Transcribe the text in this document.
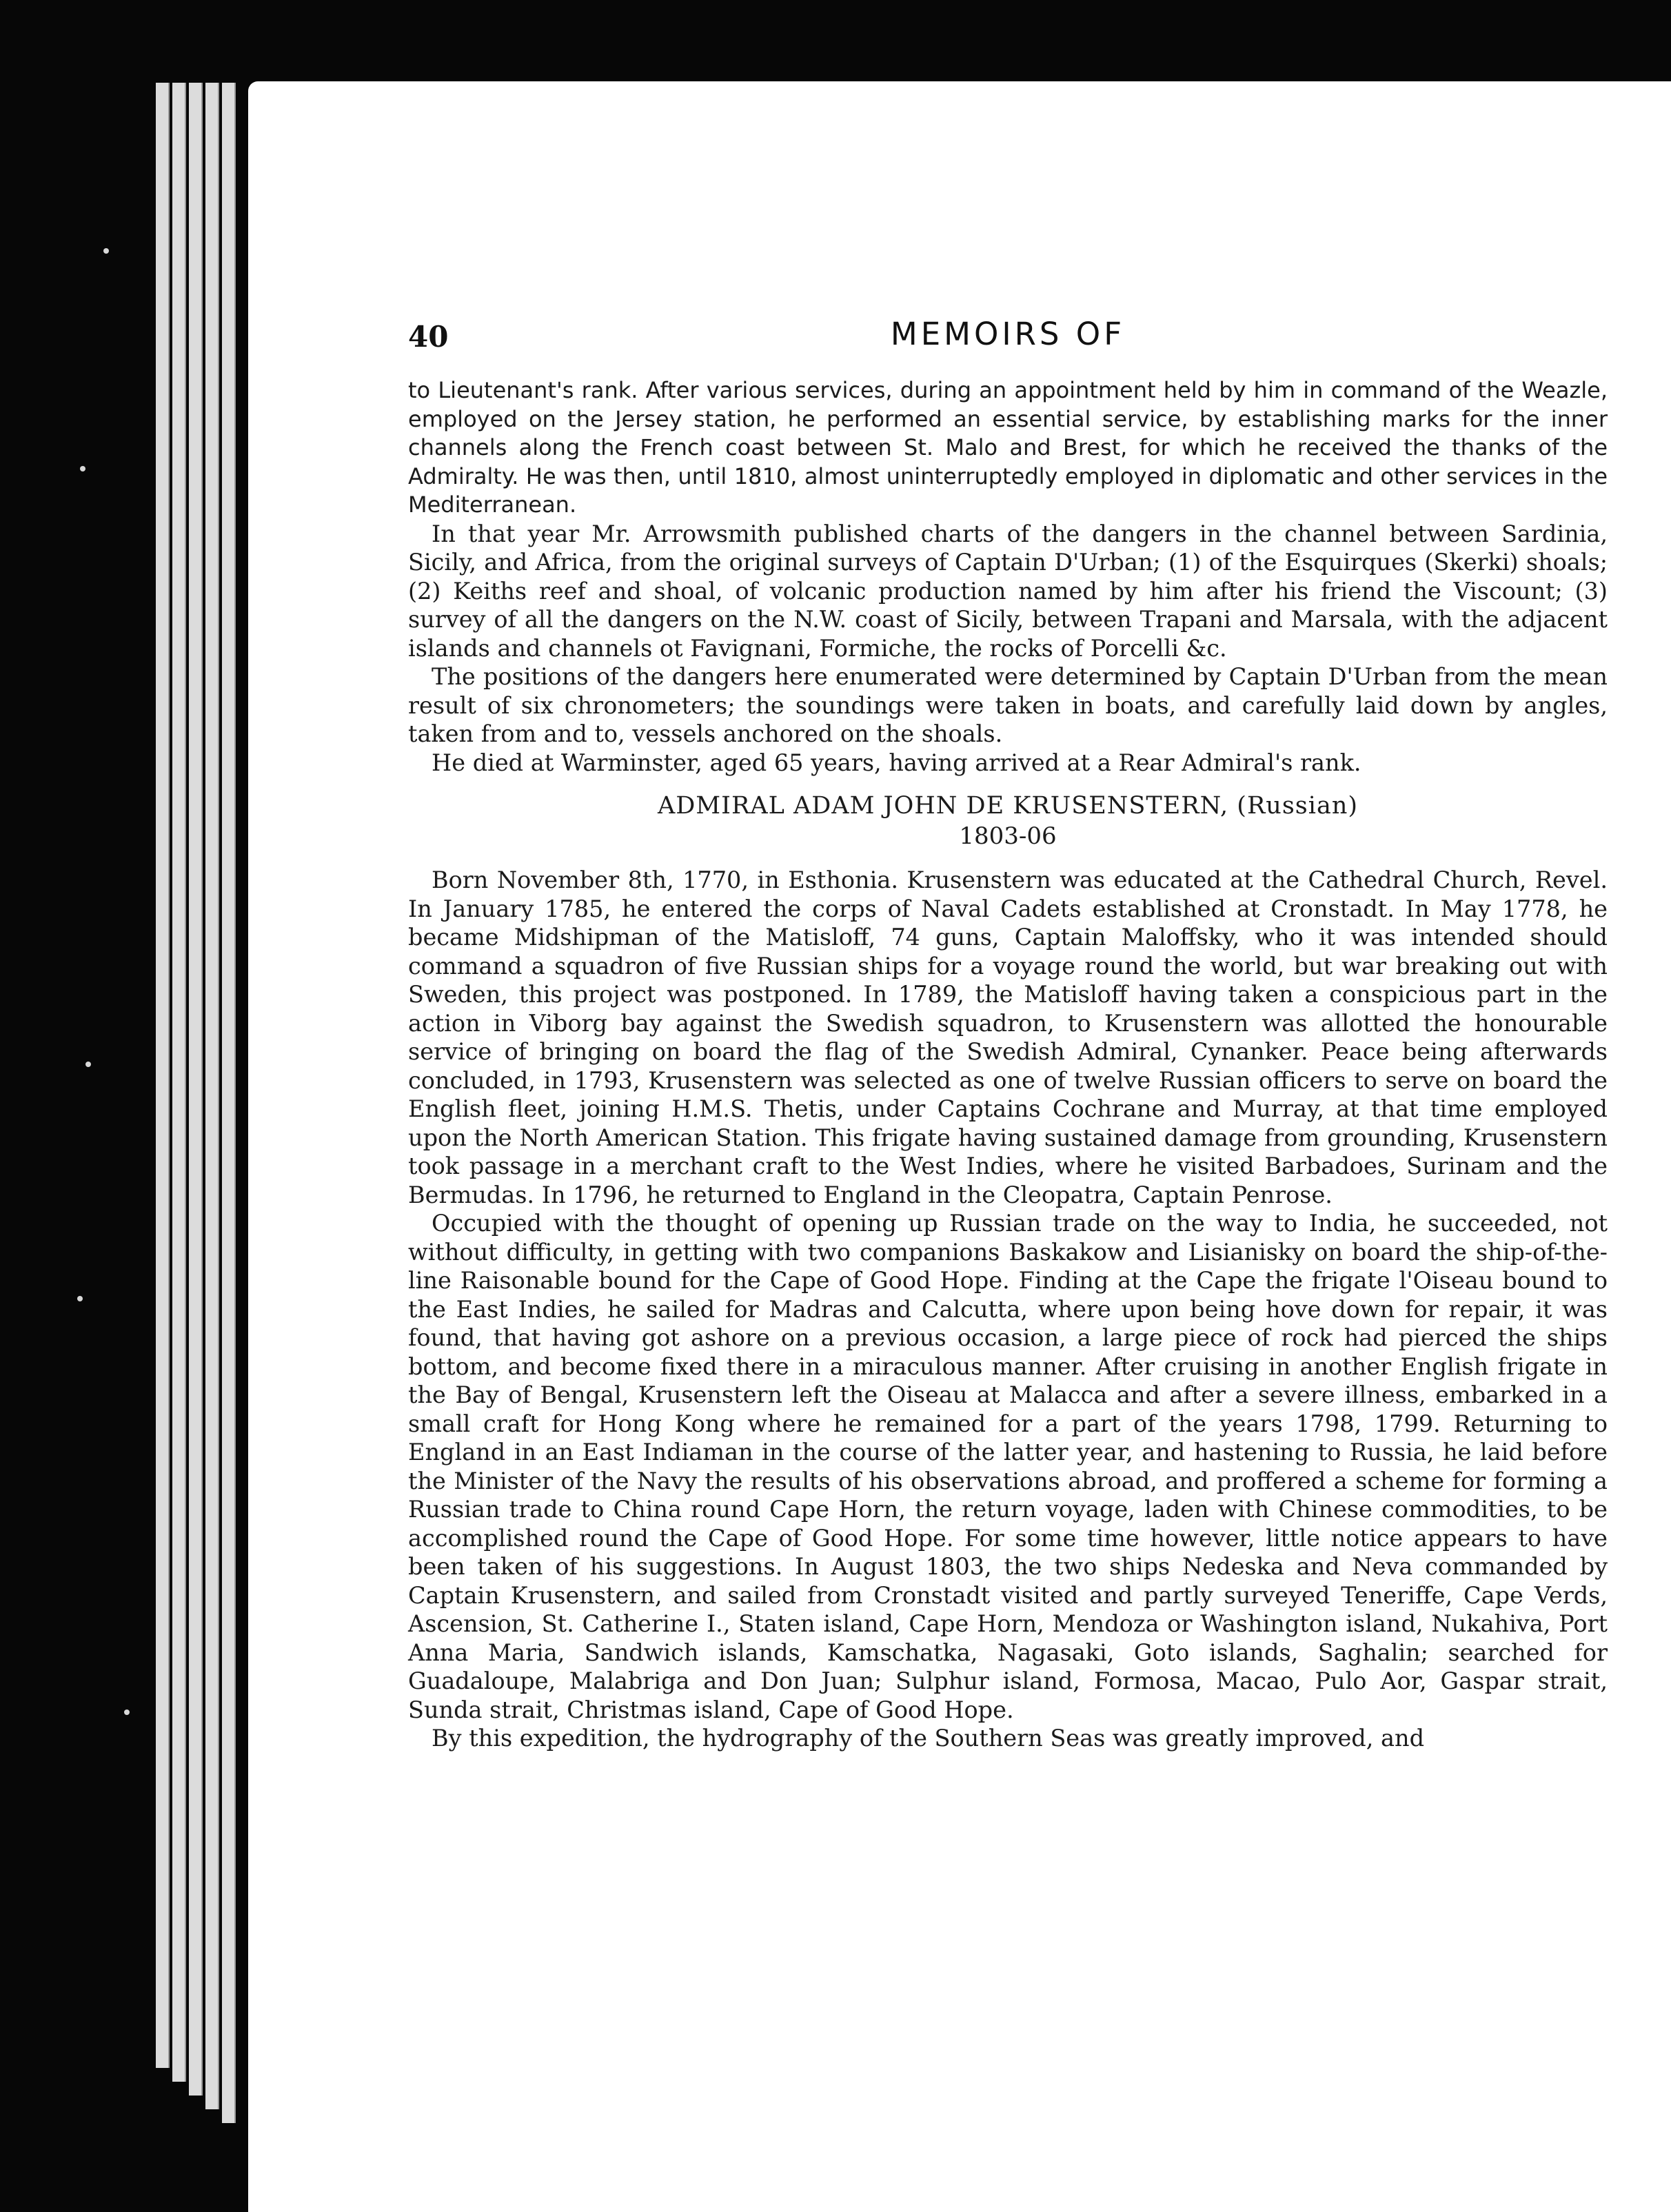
40	MEMOIRS OF

to Lieutenant's rank. After various services, during an appointment held by him in command of the Weazle, employed on the Jersey station, he performed an essential service, by establishing marks for the inner channels along the French coast between St. Malo and Brest, for which he received the thanks of the Admiralty. He was then, until 1810, almost uninterruptedly employed in diplomatic and other services in the Mediterranean.

In that year Mr. Arrowsmith published charts of the dangers in the channel between Sardinia, Sicily, and Africa, from the original surveys of Captain D'Urban; (1) of the Esquirques (Skerki) shoals; (2) Keiths reef and shoal, of volcanic production named by him after his friend the Viscount; (3) survey of all the dangers on the N.W. coast of Sicily, between Trapani and Marsala, with the adjacent islands and channels ot Favignani, Formiche, the rocks of Porcelli &c.

The positions of the dangers here enumerated were determined by Captain D'Urban from the mean result of six chronometers; the soundings were taken in boats, and carefully laid down by angles, taken from and to, vessels anchored on the shoals.

He died at Warminster, aged 65 years, having arrived at a Rear Admiral's rank.

ADMIRAL ADAM JOHN DE KRUSENSTERN, (Russian)
1803-06

Born November 8th, 1770, in Esthonia. Krusenstern was educated at the Cathedral Church, Revel. In January 1785, he entered the corps of Naval Cadets established at Cronstadt. In May 1778, he became Midshipman of the Matisloff, 74 guns, Captain Maloffsky, who it was intended should command a squadron of five Russian ships for a voyage round the world, but war breaking out with Sweden, this project was postponed. In 1789, the Matisloff having taken a conspicious part in the action in Viborg bay against the Swedish squadron, to Krusenstern was allotted the honourable service of bringing on board the flag of the Swedish Admiral, Cynanker. Peace being afterwards concluded, in 1793, Krusenstern was selected as one of twelve Russian officers to serve on board the English fleet, joining H.M.S. Thetis, under Captains Cochrane and Murray, at that time employed upon the North American Station. This frigate having sustained damage from grounding, Krusenstern took passage in a merchant craft to the West Indies, where he visited Barbadoes, Surinam and the Bermudas. In 1796, he returned to England in the Cleopatra, Captain Penrose.

Occupied with the thought of opening up Russian trade on the way to India, he succeeded, not without difficulty, in getting with two companions Baskakow and Lisianisky on board the ship-of-the-line Raisonable bound for the Cape of Good Hope. Finding at the Cape the frigate l'Oiseau bound to the East Indies, he sailed for Madras and Calcutta, where upon being hove down for repair, it was found, that having got ashore on a previous occasion, a large piece of rock had pierced the ships bottom, and become fixed there in a miraculous manner. After cruising in another English frigate in the Bay of Bengal, Krusenstern left the Oiseau at Malacca and after a severe illness, embarked in a small craft for Hong Kong where he remained for a part of the years 1798, 1799. Returning to England in an East Indiaman in the course of the latter year, and hastening to Russia, he laid before the Minister of the Navy the results of his observations abroad, and proffered a scheme for forming a Russian trade to China round Cape Horn, the return voyage, laden with Chinese commodities, to be accomplished round the Cape of Good Hope. For some time however, little notice appears to have been taken of his suggestions. In August 1803, the two ships Nedeska and Neva commanded by Captain Krusenstern, and sailed from Cronstadt visited and partly surveyed Teneriffe, Cape Verds, Ascension, St. Catherine I., Staten island, Cape Horn, Mendoza or Washington island, Nukahiva, Port Anna Maria, Sandwich islands, Kamschatka, Nagasaki, Goto islands, Saghalin; searched for Guadaloupe, Malabriga and Don Juan; Sulphur island, Formosa, Macao, Pulo Aor, Gaspar strait, Sunda strait, Christmas island, Cape of Good Hope.

By this expedition, the hydrography of the Southern Seas was greatly improved, and
